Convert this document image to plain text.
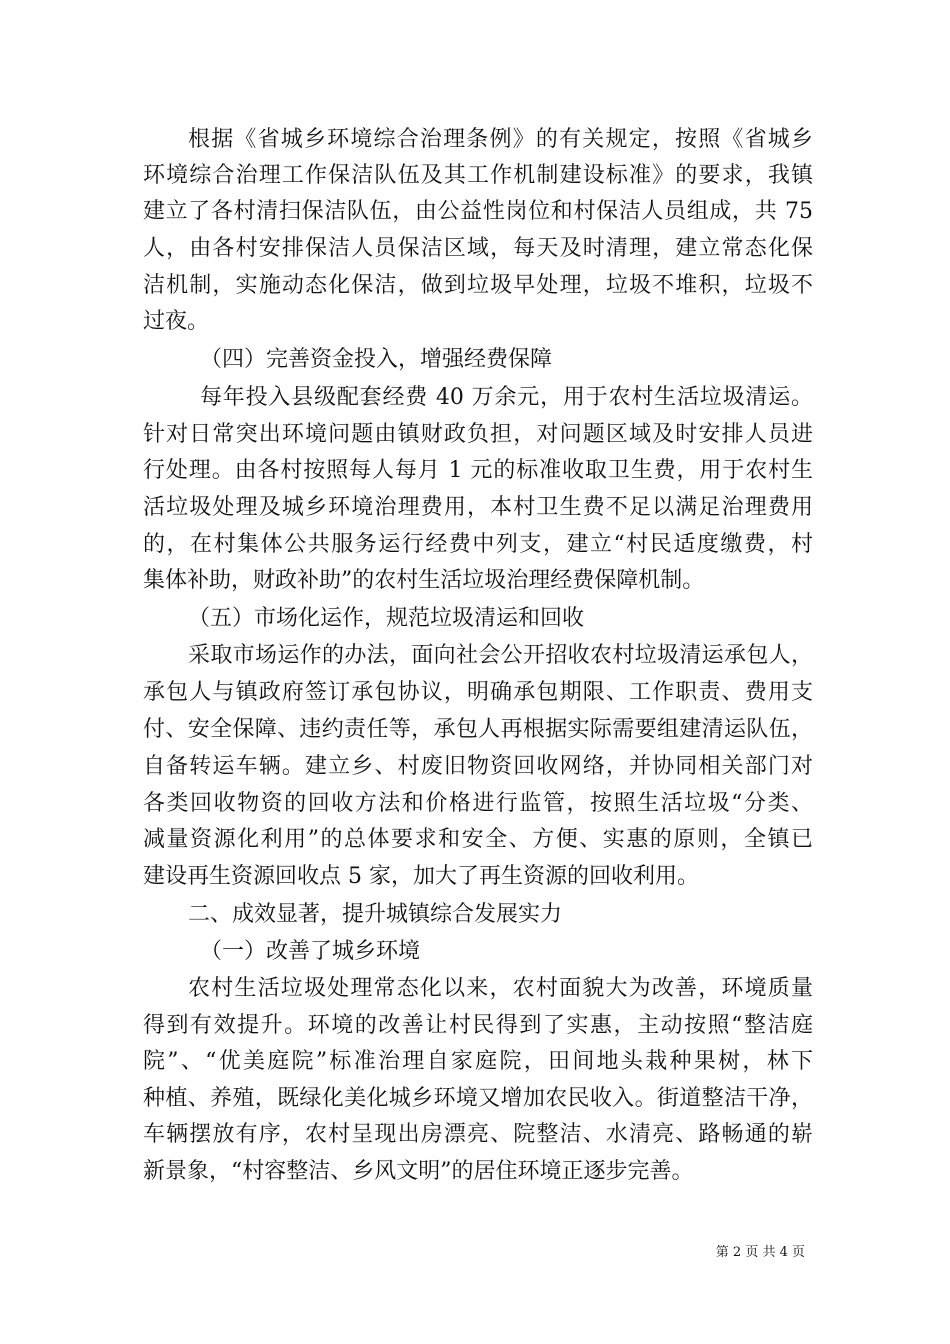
根据《省城乡环境综合治理条例》的有关规定，按照《省城乡
环境综合治理工作保洁队伍及其工作机制建设标准》的要求，我镇
建立了各村清扫保洁队伍，由公益性岗位和村保洁人员组成，共 75
人，由各村安排保洁人员保洁区域，每天及时清理，建立常态化保
洁机制，实施动态化保洁，做到垃圾早处理，垃圾不堆积，垃圾不
过夜。
（四）完善资金投入，增强经费保障
每年投入县级配套经费 40 万余元，用于农村生活垃圾清运。
针对日常突出环境问题由镇财政负担，对问题区域及时安排人员进
行处理。由各村按照每人每月 1 元的标准收取卫生费，用于农村生
活垃圾处理及城乡环境治理费用，本村卫生费不足以满足治理费用
的，在村集体公共服务运行经费中列支，建立“村民适度缴费，村
集体补助，财政补助”的农村生活垃圾治理经费保障机制。
（五）市场化运作，规范垃圾清运和回收
采取市场运作的办法，面向社会公开招收农村垃圾清运承包人，
承包人与镇政府签订承包协议，明确承包期限、工作职责、费用支
付、安全保障、违约责任等，承包人再根据实际需要组建清运队伍，
自备转运车辆。建立乡、村废旧物资回收网络，并协同相关部门对
各类回收物资的回收方法和价格进行监管，按照生活垃圾“分类、
减量资源化利用”的总体要求和安全、方便、实惠的原则，全镇已
建设再生资源回收点 5 家，加大了再生资源的回收利用。
二、成效显著，提升城镇综合发展实力
（一）改善了城乡环境
农村生活垃圾处理常态化以来，农村面貌大为改善，环境质量
得到有效提升。环境的改善让村民得到了实惠，主动按照“整洁庭
院”、“优美庭院”标准治理自家庭院，田间地头栽种果树，林下
种植、养殖，既绿化美化城乡环境又增加农民收入。街道整洁干净，
车辆摆放有序，农村呈现出房漂亮、院整洁、水清亮、路畅通的崭
新景象，“村容整洁、乡风文明”的居住环境正逐步完善。
第 2 页 共 4 页
